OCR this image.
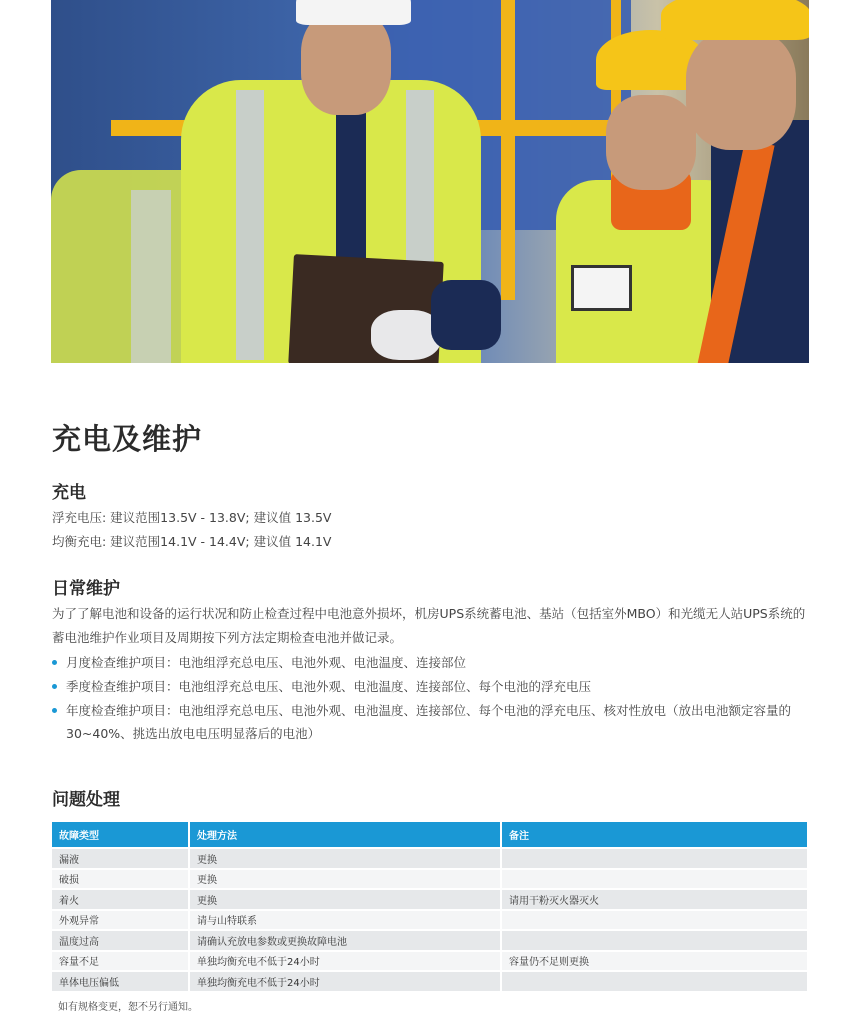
充电及维护
充电

浮充电压: 建议范围13.5V - 13.8V; 建议值 13.5V

均衡充电: 建议范围14.1V - 14.4V; 建议值 14.1V

日常维护

为了了解电池和设备的运行状况和防止检查过程中电池意外损坏，机房UPS系统蓄电池、基站（包括室外MBO）和光缆无人站UPS系统的蓄电池维护作业项目及周期按下列方法定期检查电池并做记录。

月度检查维护项目：电池组浮充总电压、电池外观、电池温度、连接部位
季度检查维护项目：电池组浮充总电压、电池外观、电池温度、连接部位、每个电池的浮充电压
年度检查维护项目：电池组浮充总电压、电池外观、电池温度、连接部位、每个电池的浮充电压、核对性放电（放出电池额定容量的30~40%、挑选出放电电压明显落后的电池）
问题处理
故障类型	处理方法	备注
漏液	更换	
破损	更换	
着火	更换	请用干粉灭火器灭火
外观异常	请与山特联系	
温度过高	请确认充放电参数或更换故障电池	
容量不足	单独均衡充电不低于24小时	容量仍不足则更换
单体电压偏低	单独均衡充电不低于24小时	

如有规格变更，恕不另行通知。
